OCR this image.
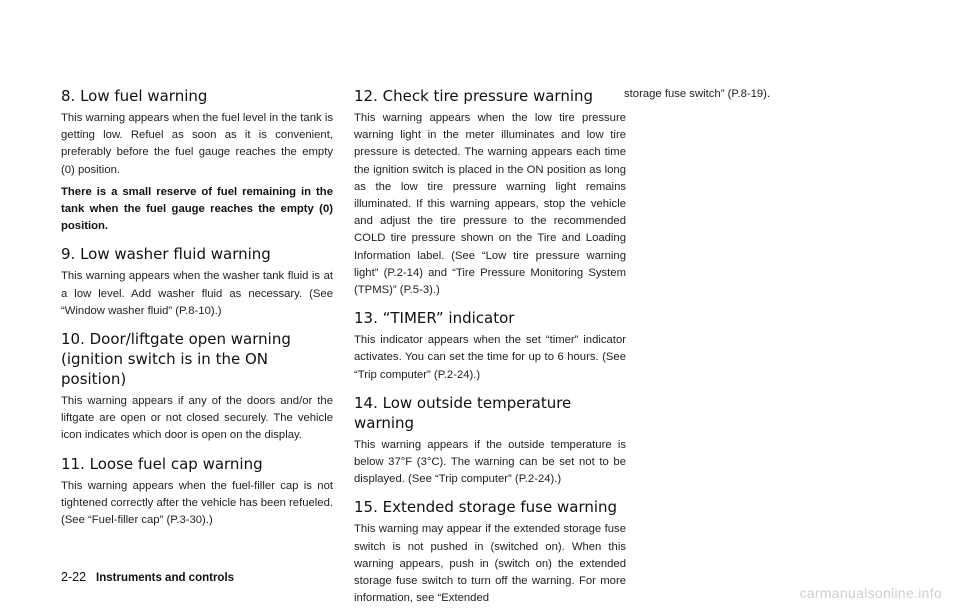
8. Low fuel warning

This warning appears when the fuel level in the tank is getting low. Refuel as soon as it is convenient, preferably before the fuel gauge reaches the empty (0) position.

There is a small reserve of fuel remaining in the tank when the fuel gauge reaches the empty (0) position.

9. Low washer fluid warning

This warning appears when the washer tank fluid is at a low level. Add washer fluid as necessary. (See “Window washer fluid” (P.8-10).)

10. Door/liftgate open warning (ignition switch is in the ON position)

This warning appears if any of the doors and/or the liftgate are open or not closed securely. The vehicle icon indicates which door is open on the display.

11. Loose fuel cap warning

This warning appears when the fuel-filler cap is not tightened correctly after the vehicle has been refueled. (See “Fuel-filler cap” (P.3-30).)

12. Check tire pressure warning

This warning appears when the low tire pressure warning light in the meter illuminates and low tire pressure is detected. The warning appears each time the ignition switch is placed in the ON position as long as the low tire pressure warning light remains illuminated. If this warning appears, stop the vehicle and adjust the tire pressure to the recommended COLD tire pressure shown on the Tire and Loading Information label. (See “Low tire pressure warning light” (P.2-14) and “Tire Pressure Monitoring System (TPMS)” (P.5-3).)

13. “TIMER” indicator

This indicator appears when the set “timer” indicator activates. You can set the time for up to 6 hours. (See “Trip computer” (P.2-24).)

14. Low outside temperature warning

This warning appears if the outside temperature is below 37°F (3°C). The warning can be set not to be displayed. (See “Trip computer” (P.2-24).)

15. Extended storage fuse warning

This warning may appear if the extended storage fuse switch is not pushed in (switched on). When this warning appears, push in (switch on) the extended storage fuse switch to turn off the warning. For more information, see “Extended

storage fuse switch” (P.8-19).

2-22 Instruments and controls
carmanualsonline.info
